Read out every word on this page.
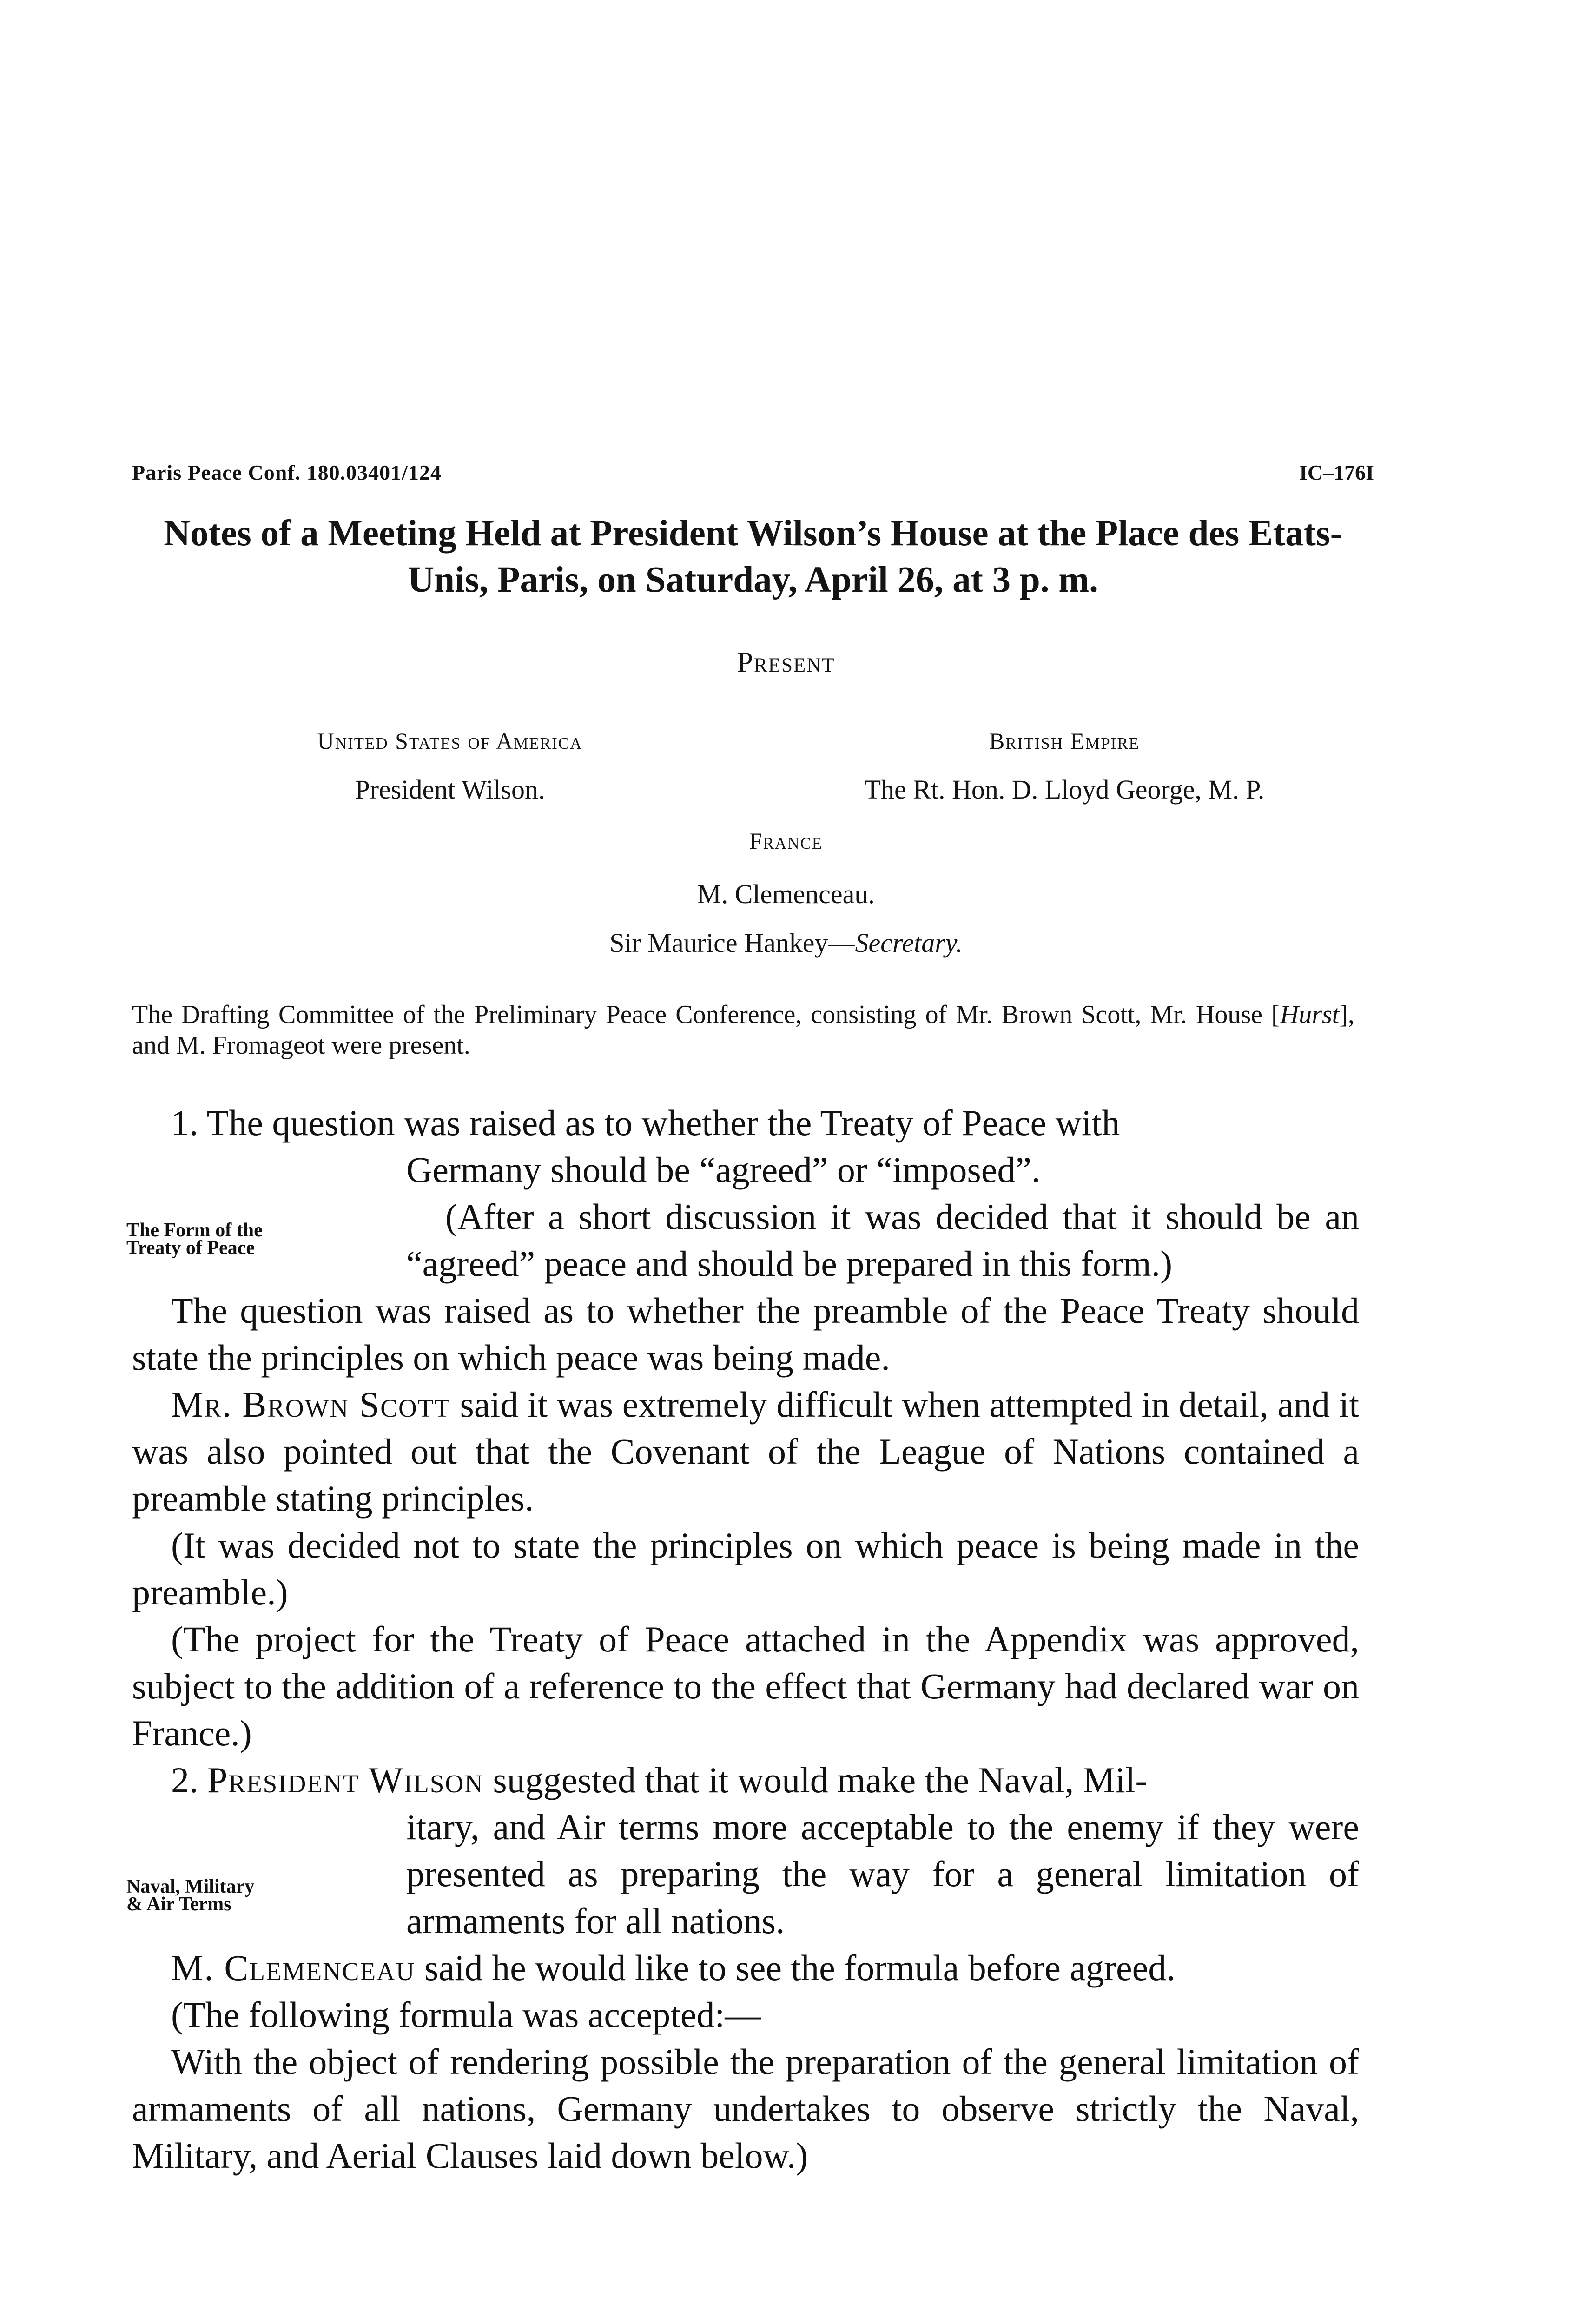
Paris Peace Conf. 180.03401/124	IC–176I
Notes of a Meeting Held at President Wilson’s House at the Place des Etats-Unis, Paris, on Saturday, April 26, at 3 p. m.
Present
United States of America
President Wilson.
British Empire
The Rt. Hon. D. Lloyd George, M. P.
France
M. Clemenceau.
Sir Maurice Hankey—Secretary.
The Drafting Committee of the Preliminary Peace Conference, consisting of Mr. Brown Scott, Mr. House [Hurst], and M. Fromageot were present.
The Form of the Treaty of Peace
Naval, Military & Air Terms

1. The question was raised as to whether the Treaty of Peace with

Germany should be “agreed” or “imposed”.

(After a short discussion it was decided that it should be an “agreed” peace and should be prepared in this form.)

The question was raised as to whether the preamble of the Peace Treaty should state the principles on which peace was being made.

Mr. Brown Scott said it was extremely difficult when attempted in detail, and it was also pointed out that the Covenant of the League of Nations contained a preamble stating principles.

(It was decided not to state the principles on which peace is being made in the preamble.)

(The project for the Treaty of Peace attached in the Appendix was approved, subject to the addition of a reference to the effect that Germany had declared war on France.)

2. President Wilson suggested that it would make the Naval, Mil-

itary, and Air terms more acceptable to the enemy if they were presented as preparing the way for a general limitation of armaments for all nations.

M. Clemenceau said he would like to see the formula before agreed.

(The following formula was accepted:—

With the object of rendering possible the preparation of the general limitation of armaments of all nations, Germany undertakes to observe strictly the Naval, Military, and Aerial Clauses laid down below.)
